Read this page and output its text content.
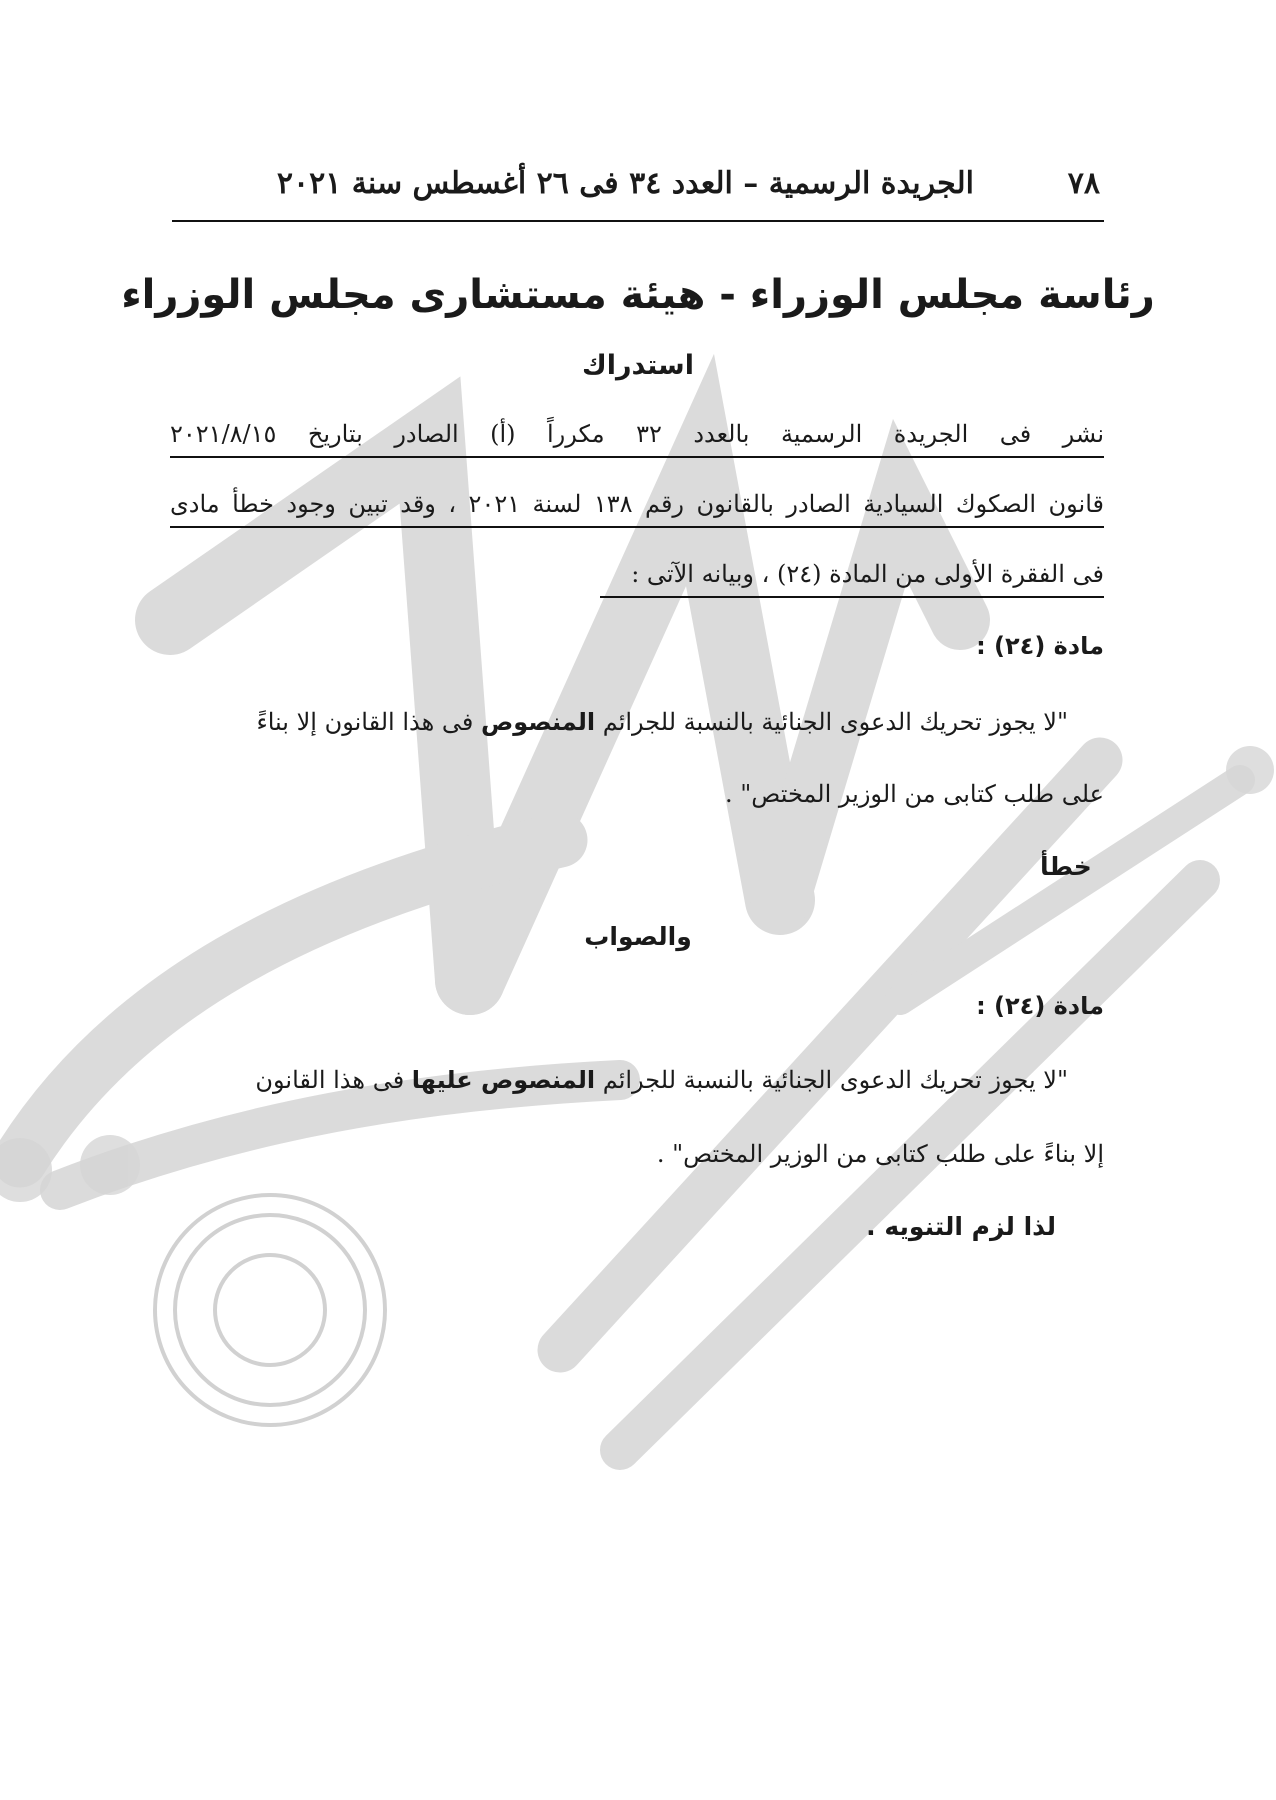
٧٨
الجريدة الرسمية – العدد ٣٤ فى ٢٦ أغسطس سنة ٢٠٢١
رئاسة مجلس الوزراء - هيئة مستشارى مجلس الوزراء
استدراك
نشر فى الجريدة الرسمية بالعدد ٣٢ مكرراً (أ) الصادر بتاريخ ٢٠٢١/٨/١٥
قانون الصكوك السيادية الصادر بالقانون رقم ١٣٨ لسنة ٢٠٢١ ، وقد تبين وجود خطأ مادى
فى الفقرة الأولى من المادة (٢٤) ، وبيانه الآتى :
مادة (٢٤) :
"لا يجوز تحريك الدعوى الجنائية بالنسبة للجرائم المنصوص فى هذا القانون إلا بناءً
على طلب كتابى من الوزير المختص" .
خطأ
والصواب
مادة (٢٤) :
"لا يجوز تحريك الدعوى الجنائية بالنسبة للجرائم المنصوص عليها فى هذا القانون
إلا بناءً على طلب كتابى من الوزير المختص" .
لذا لزم التنويه .
